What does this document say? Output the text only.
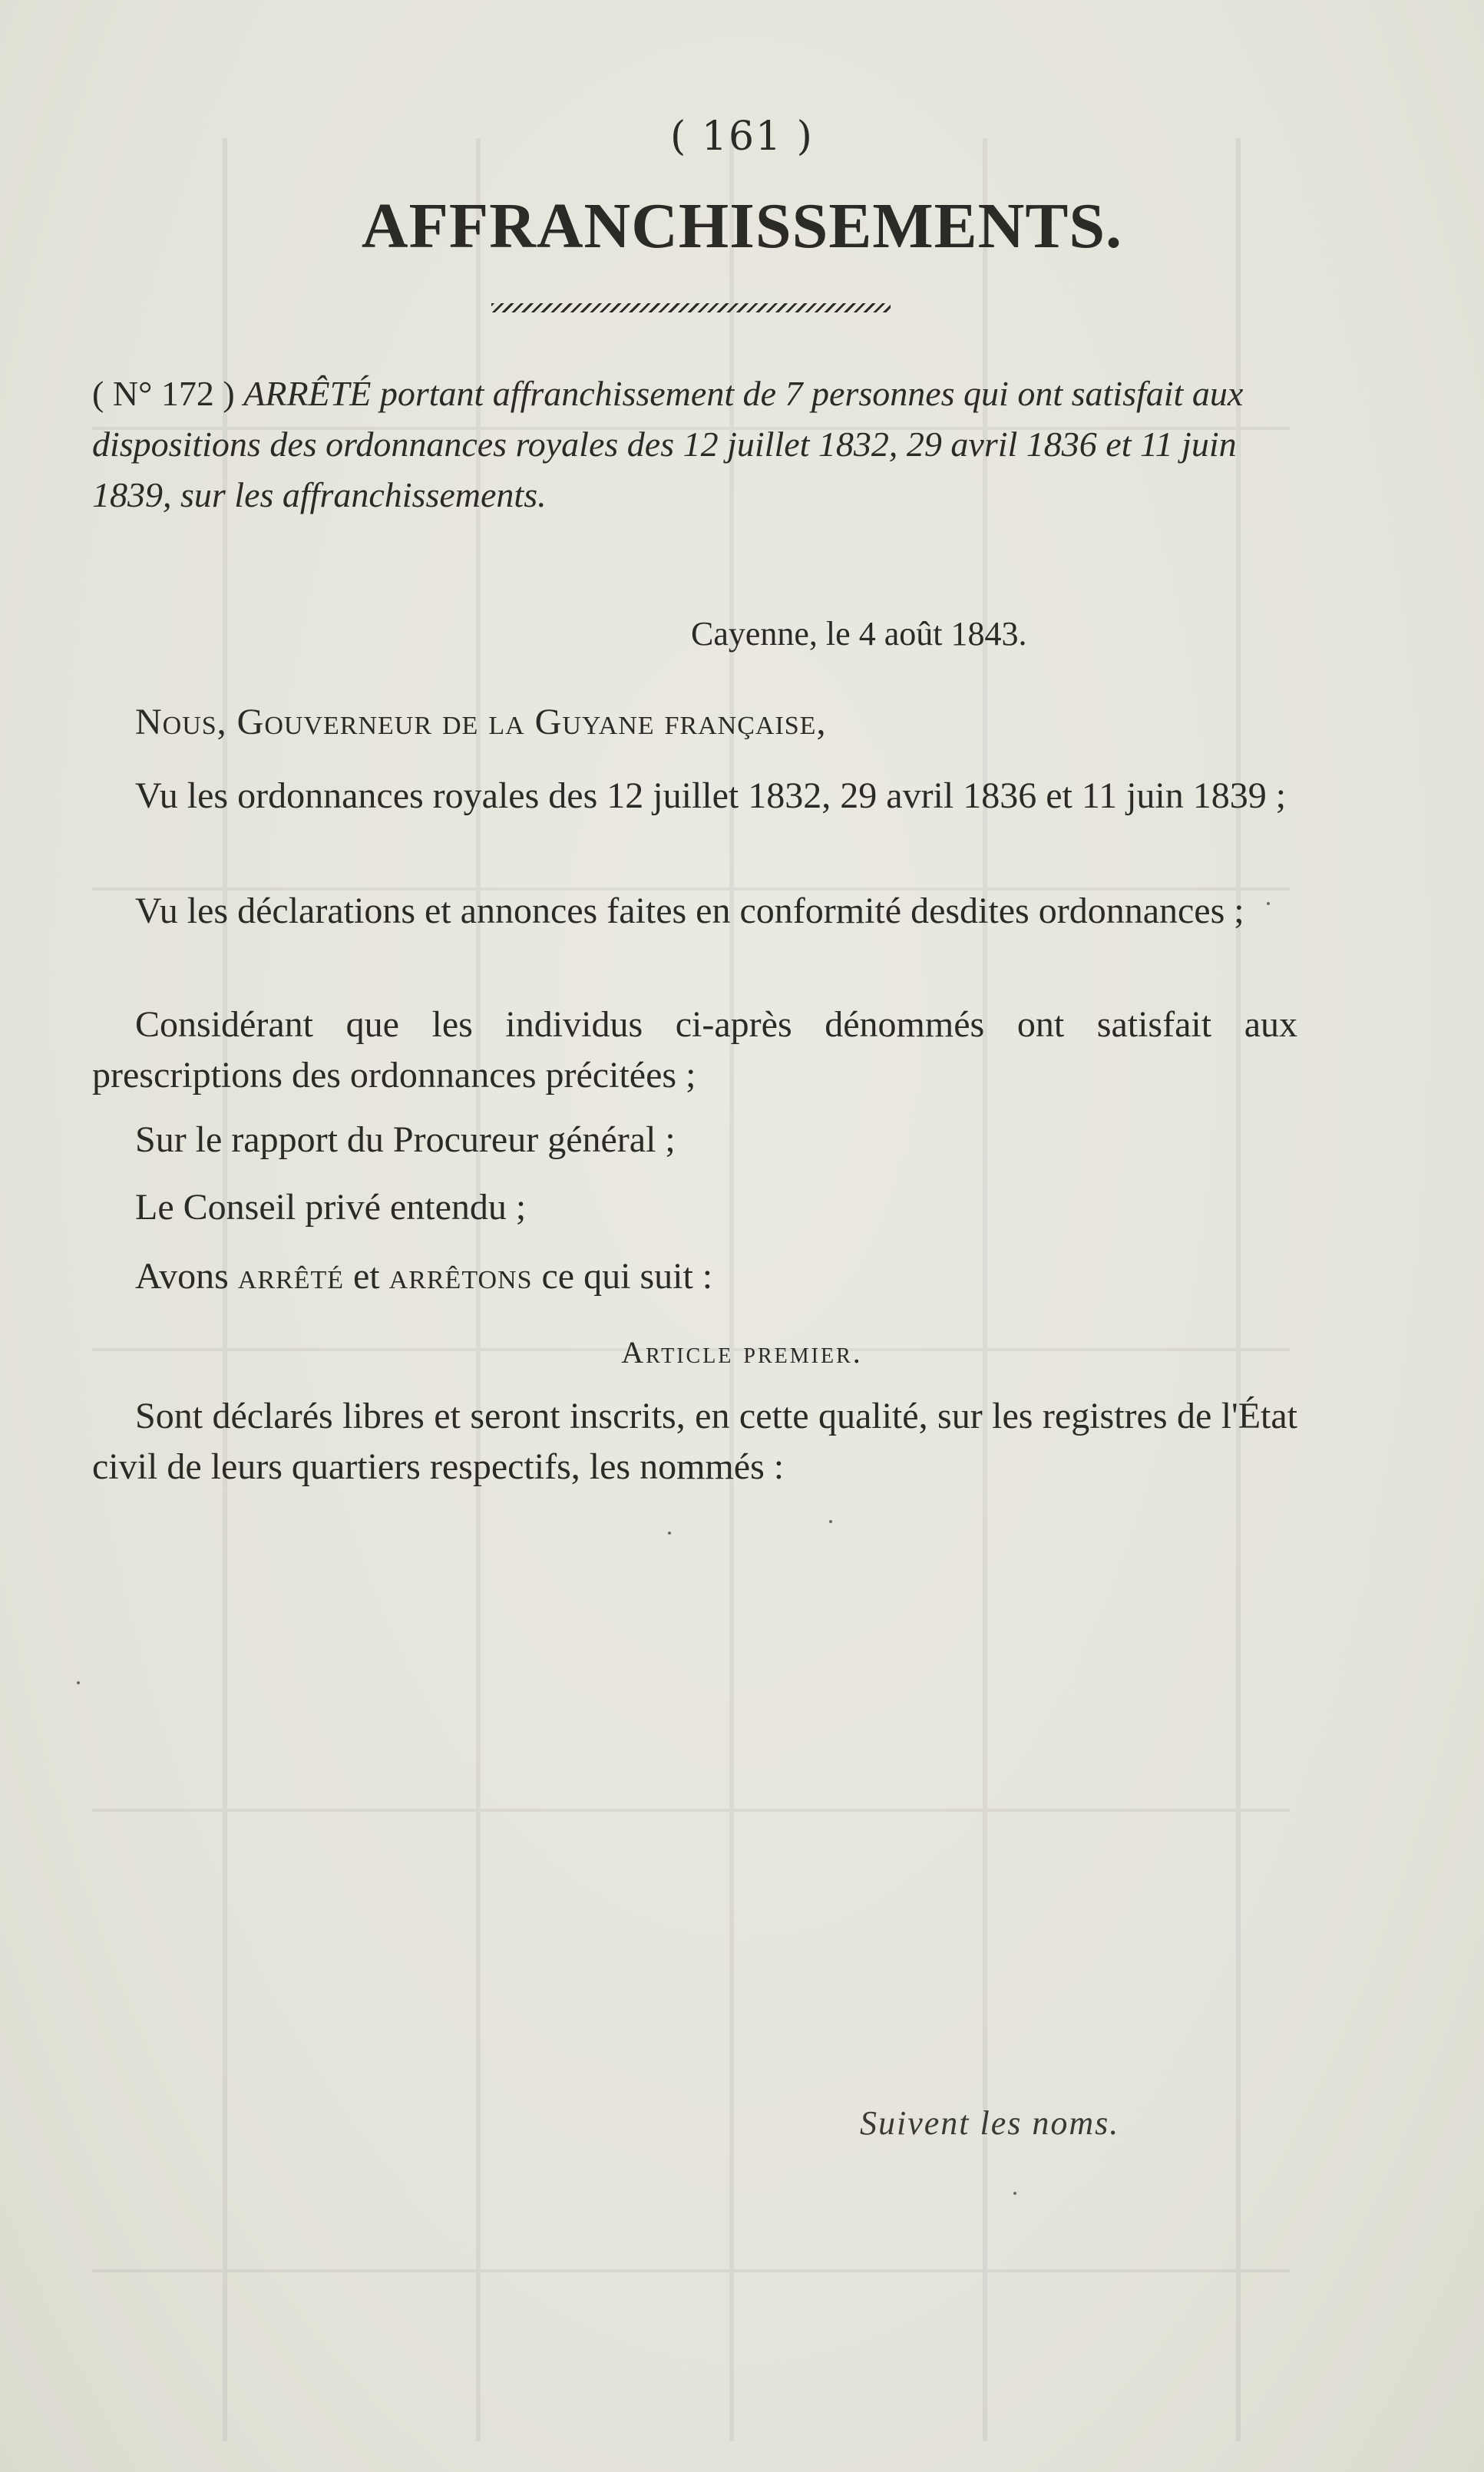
( 161 )
AFFRANCHISSEMENTS.
( N° 172 ) ARRÊTÉ portant affranchissement de 7 personnes qui ont satisfait aux dispositions des ordonnances royales des 12 juillet 1832, 29 avril 1836 et 11 juin 1839, sur les affranchissements.
Cayenne, le 4 août 1843.
Nous, Gouverneur de la Guyane française,
Vu les ordonnances royales des 12 juillet 1832, 29 avril 1836 et 11 juin 1839 ;
Vu les déclarations et annonces faites en conformité desdites ordonnances ;
Considérant que les individus ci-après dénommés ont satisfait aux prescriptions des ordonnances précitées ;
Sur le rapport du Procureur général ;
Le Conseil privé entendu ;
Avons arrêté et arrêtons ce qui suit :
Article premier.
Sont déclarés libres et seront inscrits, en cette qualité, sur les registres de l'État civil de leurs quartiers respectifs, les nommés :
Suivent les noms.
